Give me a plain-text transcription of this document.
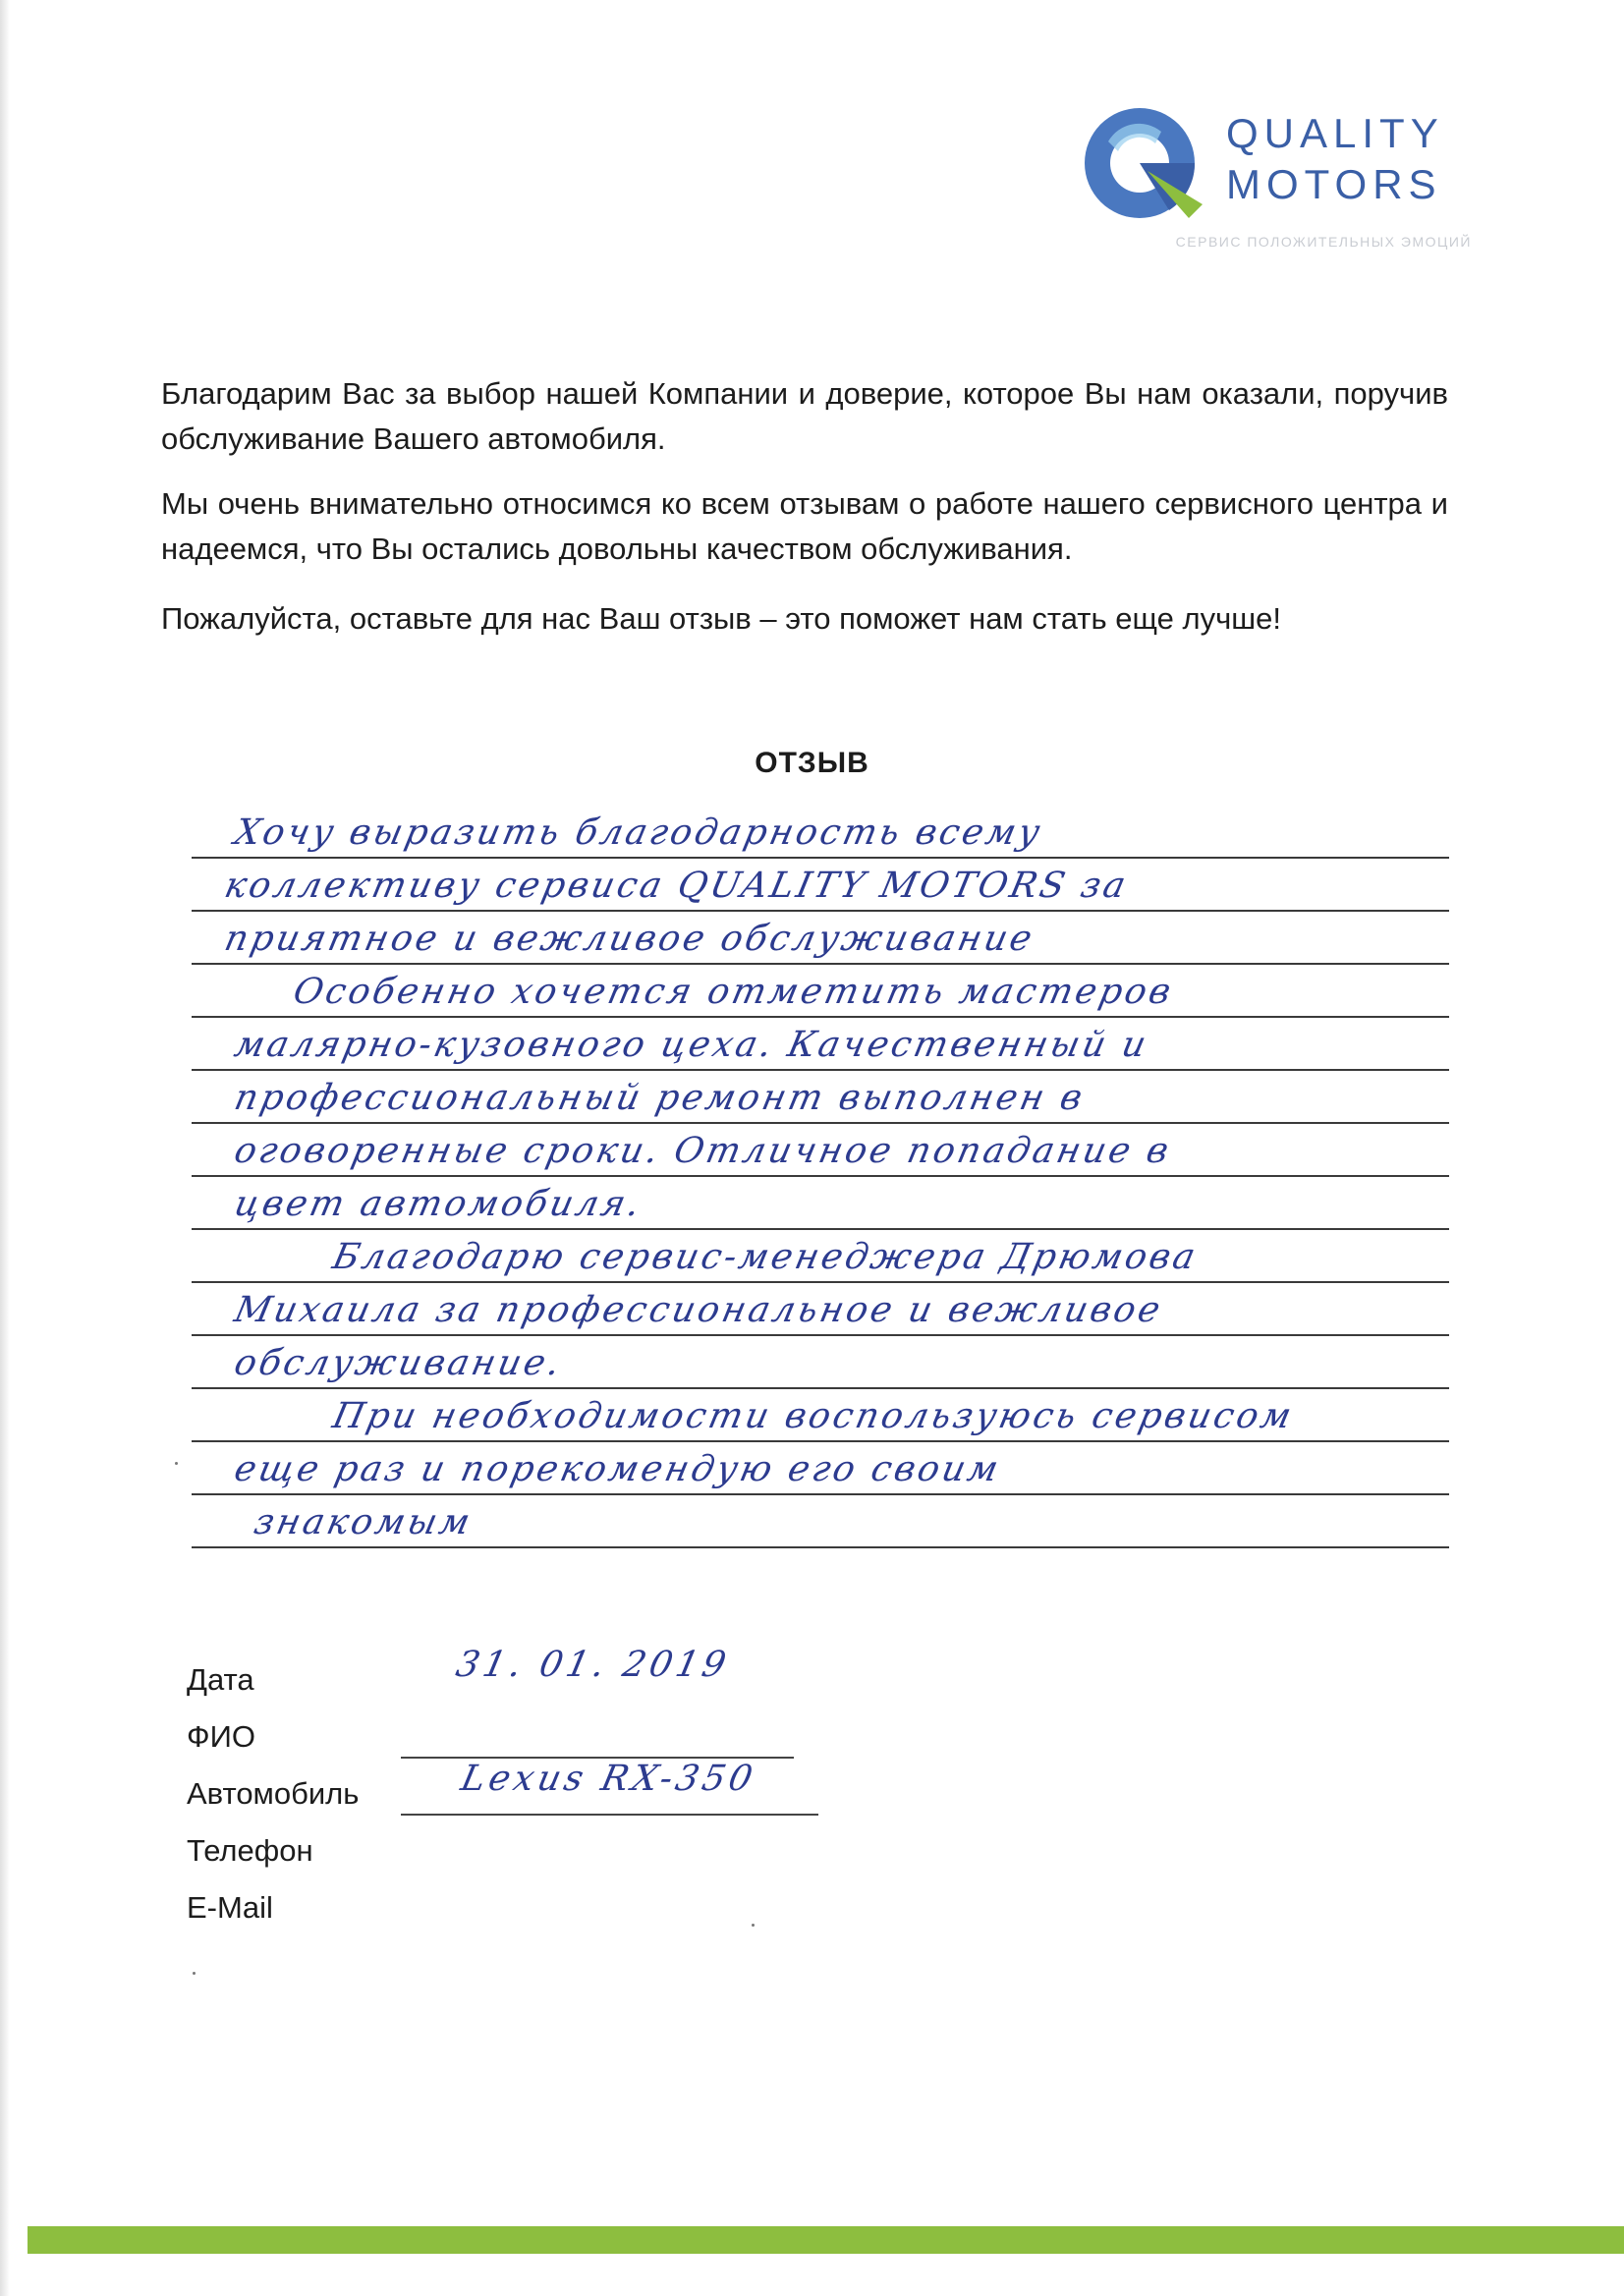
QUALITY
MOTORS
СЕРВИС ПОЛОЖИТЕЛЬНЫХ ЭМОЦИЙ
Благодарим Вас за выбор нашей Компании и доверие, которое Вы нам оказали, поручив обслуживание Вашего автомобиля.
Мы очень внимательно относимся ко всем отзывам о работе нашего сервисного центра и надеемся, что Вы остались довольны качеством обслуживания.
Пожалуйста, оставьте для нас Ваш отзыв – это поможет нам стать еще лучше!
ОТЗЫВ
Хочу выразить благодарность всему
коллективу сервиса QUALITY MOTORS за
приятное и вежливое обслуживание
Особенно хочется отметить мастеров
малярно-кузовного цеха. Качественный и
профессиональный ремонт выполнен в
оговоренные сроки. Отличное попадание в
цвет автомобиля.
Благодарю сервис-менеджера Дрюмова
Михаила за профессиональное и вежливое
обслуживание.
При необходимости воспользуюсь сервисом
еще раз и порекомендую его своим
знакомым
Дата	31. 01. 2019
ФИО
Автомобиль	Lexus RX-350
Телефон
E-Mail
